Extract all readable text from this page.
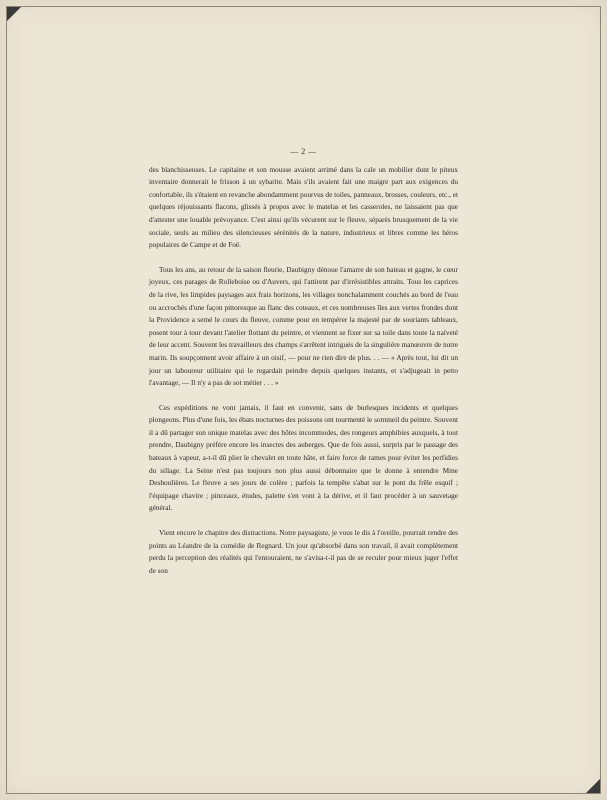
— 2 —

des blanchisseuses. Le capitaine et son mousse avaient arrimé dans la cale un mobilier dont le piteux inventaire donnerait le frisson à un sybarite. Mais s'ils avaient fait une maigre part aux exigences du confortable, ils s'étaient en revanche abondamment pourvus de toiles, panneaux, brosses, couleurs, etc., et quelques réjouissants flacons, glissés à propos avec le matelas et les casseroles, ne laissaient pas que d'attester une louable prévoyance. C'est ainsi qu'ils vécurent sur le fleuve, séparés brusquement de la vie sociale, seuls au milieu des silencieuses sérénités de la nature, industrieux et libres comme les héros populaires de Campe et de Foë.

Tous les ans, au retour de la saison fleurie, Daubigny dénoue l'amarre de son bateau et gagne, le cœur joyeux, ces parages de Rolleboise ou d'Auvers, qui l'attirent par d'irrésistibles attraits. Tous les caprices de la rive, les limpides paysages aux frais horizons, les villages nonchalamment couchés au bord de l'eau ou accrochés d'une façon pittoresque au flanc des coteaux, et ces nombreuses îles aux vertes frondes dont la Providence a semé le cours du fleuve, comme pour en tempérer la majesté par de souriants tableaux, posent tour à tour devant l'atelier flottant du peintre, et viennent se fixer sur sa toile dans toute la naïveté de leur accent. Souvent les travailleurs des champs s'arrêtent intrigués de la singulière manœuvre de notre marin. Ils soupçonnent avoir affaire à un oisif, — pour ne rien dire de plus. . . — « Après tout, lui dit un jour un laboureur utilitaire qui le regardait peindre depuis quelques instants, et s'adjugeait in petto l'avantage, — Il n'y a pas de sot métier . . . »

Ces expéditions ne vont jamais, il faut en convenir, sans de burlesques incidents et quelques plongeons. Plus d'une fois, les ébats nocturnes des poissons ont tourmenté le sommeil du peintre. Souvent il a dû partager son unique matelas avec des hôtes incommodes, des rongeurs amphibies auxquels, à tout prendre, Daubigny préfère encore les insectes des auberges. Que de fois aussi, surpris par le passage des bateaux à vapeur, a-t-il dû plier le chevalet en toute hâte, et faire force de rames pour éviter les perfidies du sillage. La Seine n'est pas toujours non plus aussi débonnaire que le donne à entendre Mme Deshoulières. Le fleuve a ses jours de colère ; parfois la tempête s'abat sur le pont du frêle esquif ; l'équipage chavire ; pinceaux, études, palette s'en vont à la dérive, et il faut procéder à un sauvetage général.

Vient encore le chapitre des distractions. Notre paysagiste, je vous le dis à l'oreille, pourrait rendre des points au Léandre de la comédie de Regnard. Un jour qu'absorbé dans son travail, il avait complètement perdu la perception des réalités qui l'entouraient, ne s'avisa-t-il pas de se reculer pour mieux juger l'effet de son
